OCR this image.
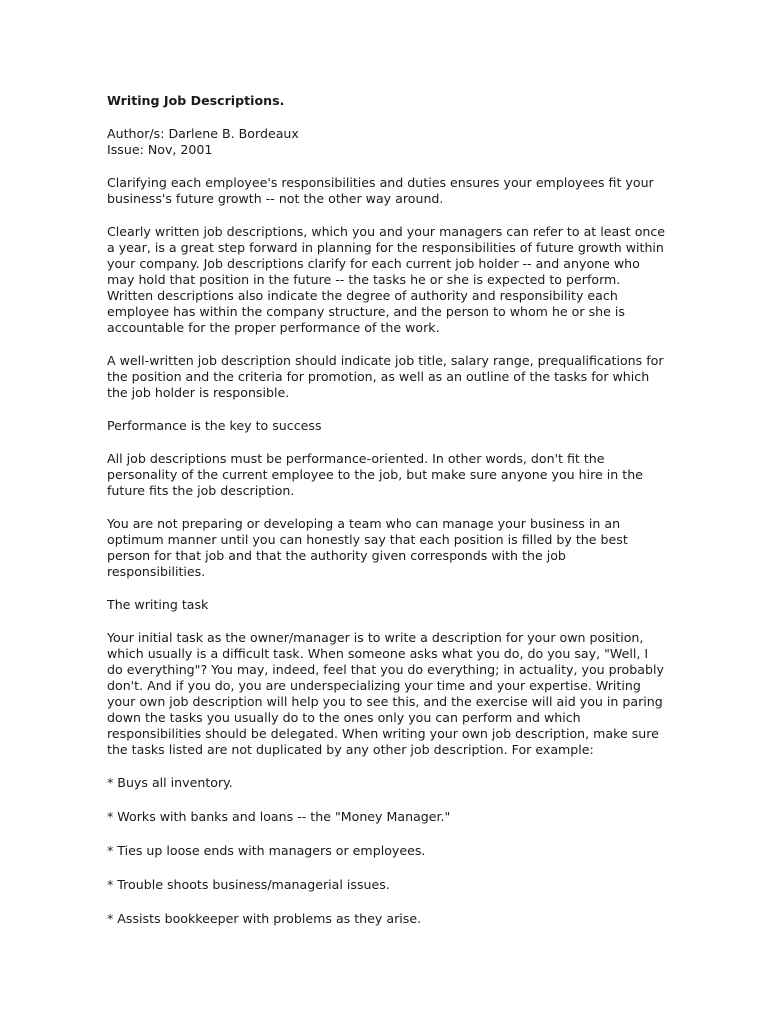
Writing Job Descriptions.
Author/s: Darlene B. Bordeaux
Issue: Nov, 2001

Clarifying each employee's responsibilities and duties ensures your employees fit your business's future growth -- not the other way around.

Clearly written job descriptions, which you and your managers can refer to at least once a year, is a great step forward in planning for the responsibilities of future growth within your company. Job descriptions clarify for each current job holder -- and anyone who may hold that position in the future -- the tasks he or she is expected to perform. Written descriptions also indicate the degree of authority and responsibility each employee has within the company structure, and the person to whom he or she is accountable for the proper performance of the work.

A well-written job description should indicate job title, salary range, prequalifications for the position and the criteria for promotion, as well as an outline of the tasks for which the job holder is responsible.

Performance is the key to success

All job descriptions must be performance-oriented. In other words, don't fit the personality of the current employee to the job, but make sure anyone you hire in the future fits the job description.

You are not preparing or developing a team who can manage your business in an optimum manner until you can honestly say that each position is filled by the best person for that job and that the authority given corresponds with the job responsibilities.

The writing task

Your initial task as the owner/manager is to write a description for your own position, which usually is a difficult task. When someone asks what you do, do you say, "Well, I do everything"? You may, indeed, feel that you do everything; in actuality, you probably don't. And if you do, you are underspecializing your time and your expertise. Writing your own job description will help you to see this, and the exercise will aid you in paring down the tasks you usually do to the ones only you can perform and which responsibilities should be delegated. When writing your own job description, make sure the tasks listed are not duplicated by any other job description. For example:

* Buys all inventory.
* Works with banks and loans -- the "Money Manager."
* Ties up loose ends with managers or employees.
* Trouble shoots business/managerial issues.
* Assists bookkeeper with problems as they arise.
